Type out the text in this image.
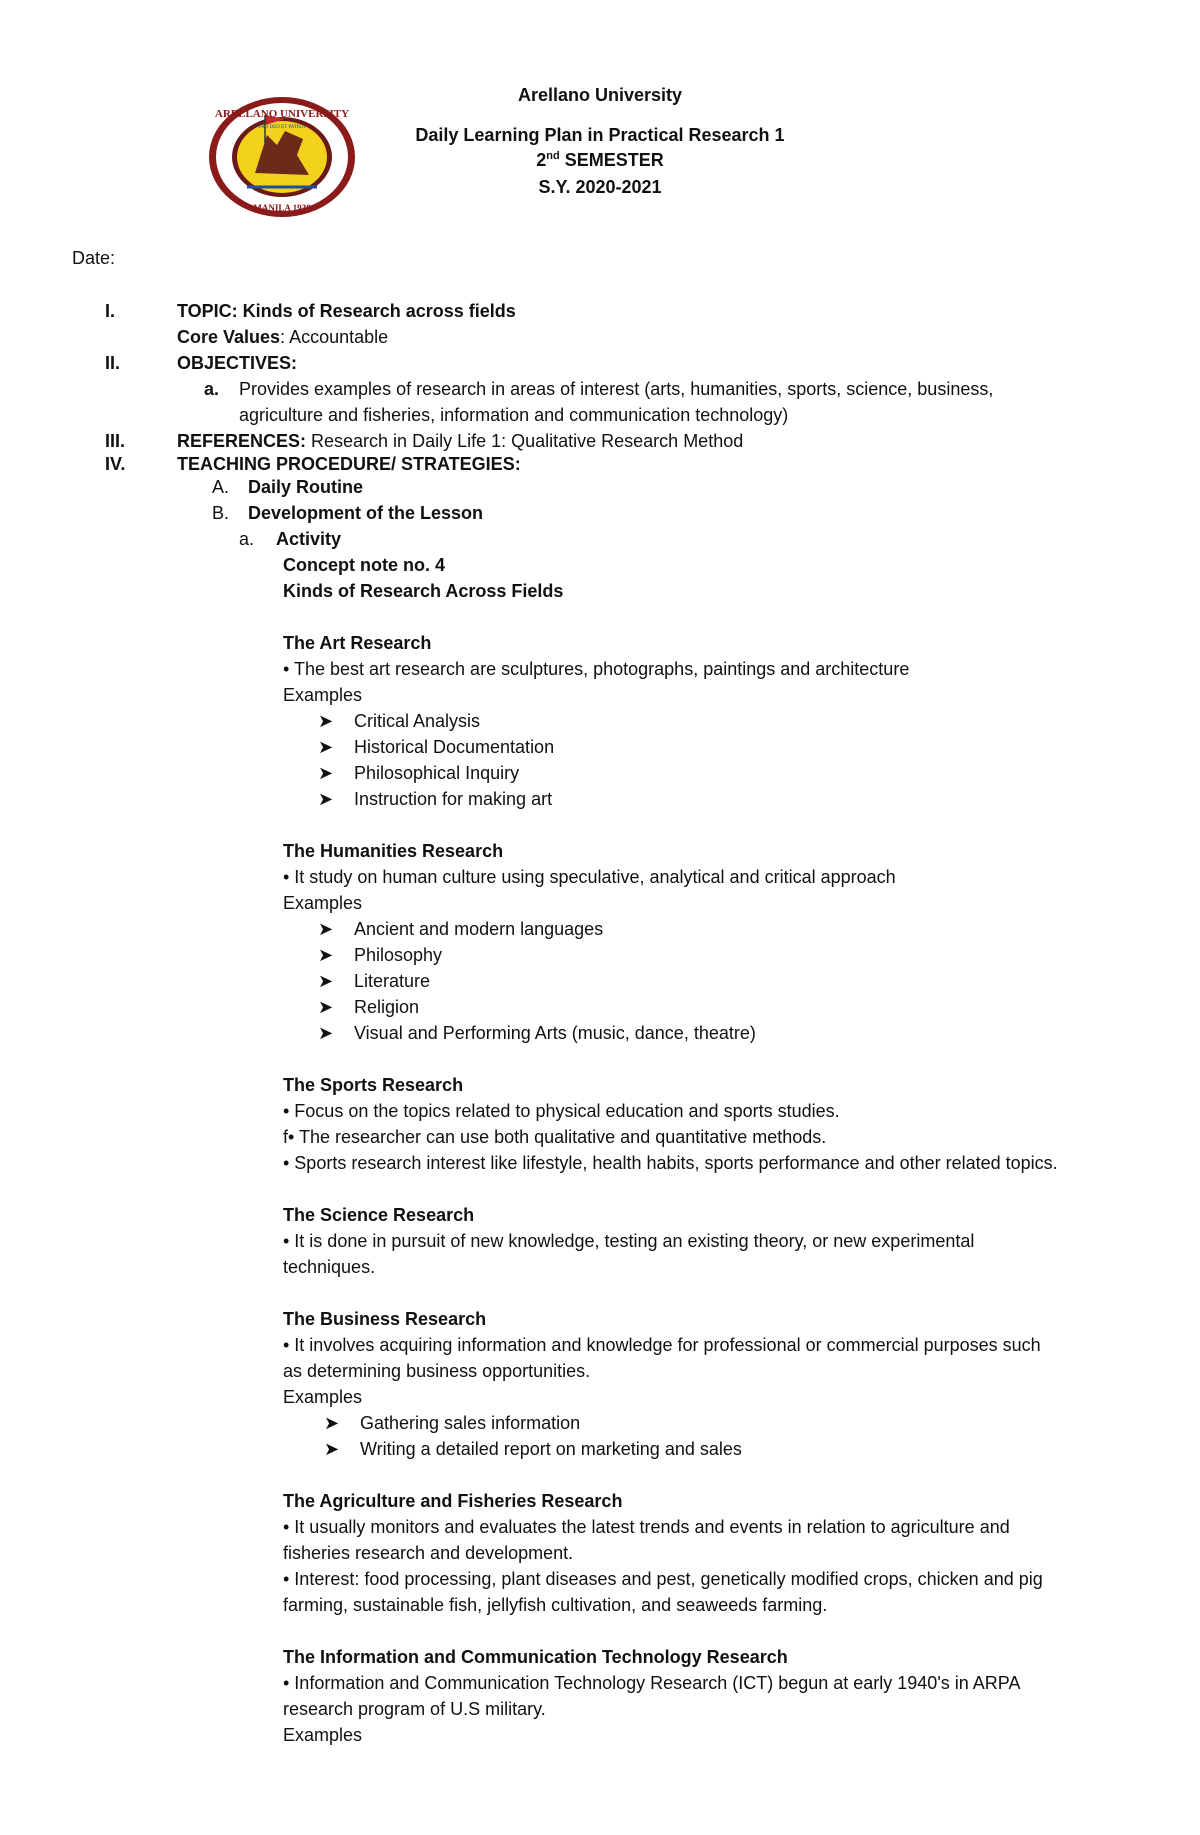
ARELLANO UNIVERSITY
MANILA 1938
PRO DEO ET PATRIA
Arellano University
Daily Learning Plan in Practical Research 1
2nd SEMESTER
S.Y. 2020-2021
Date:
I.	TOPIC: Kinds of Research across fields
Core Values: Accountable
II.	OBJECTIVES:
a. Provides examples of research in areas of interest (arts, humanities, sports, science, business,
agriculture and fisheries, information and communication technology)
III.	REFERENCES: Research in Daily Life 1: Qualitative Research Method
IV.	TEACHING PROCEDURE/ STRATEGIES:
A. Daily Routine
B. Development of the Lesson
a. Activity
Concept note no. 4
Kinds of Research Across Fields
The Art Research
• The best art research are sculptures, photographs, paintings and architecture
Examples
➤ Critical Analysis
➤ Historical Documentation
➤ Philosophical Inquiry
➤ Instruction for making art
The Humanities Research
• It study on human culture using speculative, analytical and critical approach
Examples
➤ Ancient and modern languages
➤ Philosophy
➤ Literature
➤ Religion
➤ Visual and Performing Arts (music, dance, theatre)
The Sports Research
• Focus on the topics related to physical education and sports studies.
f• The researcher can use both qualitative and quantitative methods.
• Sports research interest like lifestyle, health habits, sports performance and other related topics.
The Science Research
• It is done in pursuit of new knowledge, testing an existing theory, or new experimental
techniques.
The Business Research
• It involves acquiring information and knowledge for professional or commercial purposes such
as determining business opportunities.
Examples
➤ Gathering sales information
➤ Writing a detailed report on marketing and sales
The Agriculture and Fisheries Research
• It usually monitors and evaluates the latest trends and events in relation to agriculture and
fisheries research and development.
• Interest: food processing, plant diseases and pest, genetically modified crops, chicken and pig
farming, sustainable fish, jellyfish cultivation, and seaweeds farming.
The Information and Communication Technology Research
• Information and Communication Technology Research (ICT) begun at early 1940's in ARPA
research program of U.S military.
Examples
